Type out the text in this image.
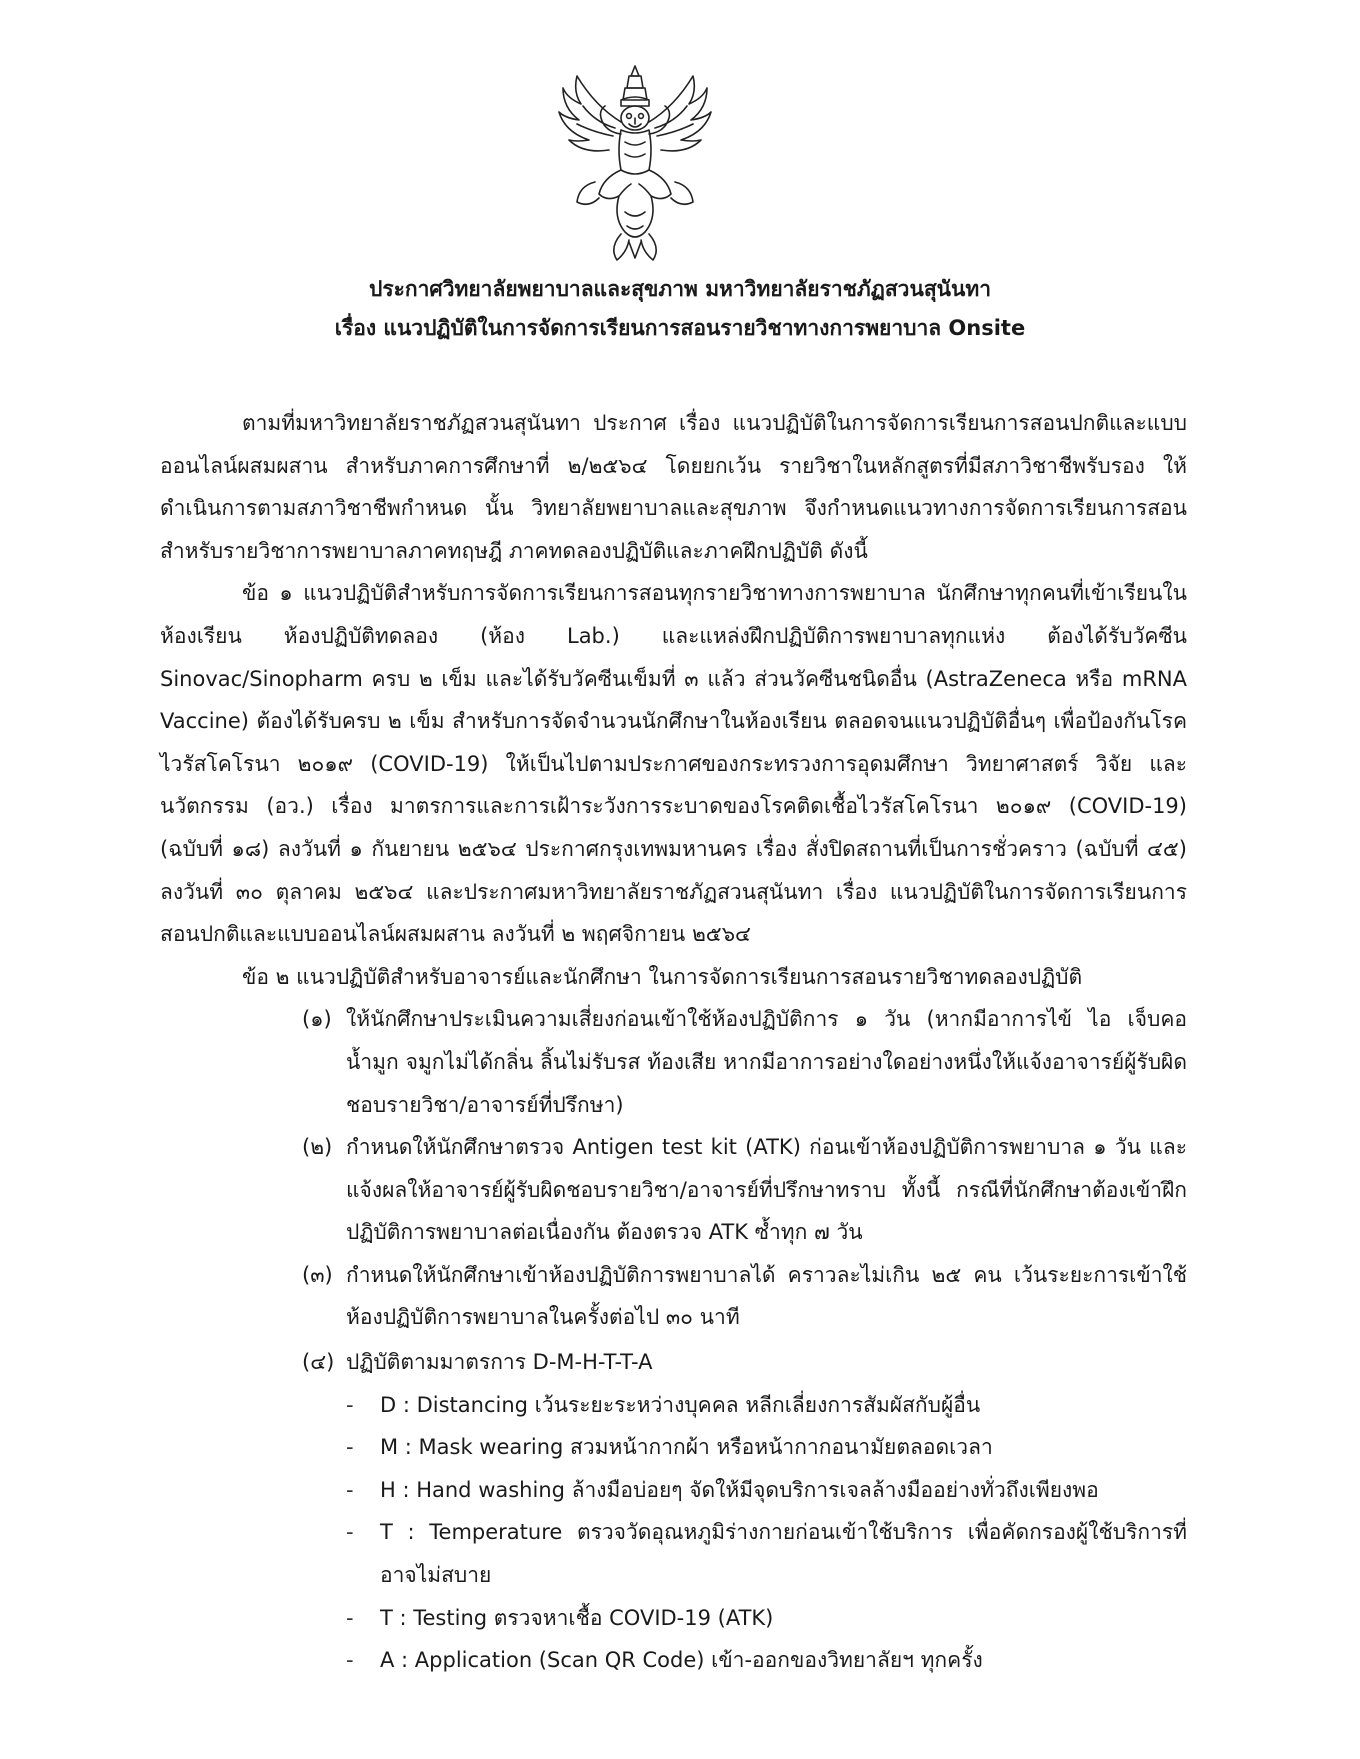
ประกาศวิทยาลัยพยาบาลและสุขภาพ มหาวิทยาลัยราชภัฏสวนสุนันทา
เรื่อง แนวปฏิบัติในการจัดการเรียนการสอนรายวิชาทางการพยาบาล Onsite

ตามที่มหาวิทยาลัยราชภัฏสวนสุนันทา ประกาศ เรื่อง แนวปฏิบัติในการจัดการเรียนการสอนปกติและแบบออนไลน์ผสมผสาน สำหรับภาคการศึกษาที่ ๒/๒๕๖๔ โดยยกเว้น รายวิชาในหลักสูตรที่มีสภาวิชาชีพรับรอง ให้ดำเนินการตามสภาวิชาชีพกำหนด นั้น วิทยาลัยพยาบาลและสุขภาพ จึงกำหนดแนวทางการจัดการเรียนการสอนสำหรับรายวิชาการพยาบาลภาคทฤษฎี ภาคทดลองปฏิบัติและภาคฝึกปฏิบัติ ดังนี้

ข้อ ๑ แนวปฏิบัติสำหรับการจัดการเรียนการสอนทุกรายวิชาทางการพยาบาล นักศึกษาทุกคนที่เข้าเรียนในห้องเรียน ห้องปฏิบัติทดลอง (ห้อง Lab.) และแหล่งฝึกปฏิบัติการพยาบาลทุกแห่ง ต้องได้รับวัคซีน Sinovac/Sinopharm ครบ ๒ เข็ม และได้รับวัคซีนเข็มที่ ๓ แล้ว ส่วนวัคซีนชนิดอื่น (AstraZeneca หรือ mRNA Vaccine) ต้องได้รับครบ ๒ เข็ม สำหรับการจัดจำนวนนักศึกษาในห้องเรียน ตลอดจนแนวปฏิบัติอื่นๆ เพื่อป้องกันโรคไวรัสโคโรนา ๒๐๑๙ (COVID-19) ให้เป็นไปตามประกาศของกระทรวงการอุดมศึกษา วิทยาศาสตร์ วิจัย และนวัตกรรม (อว.) เรื่อง มาตรการและการเฝ้าระวังการระบาดของโรคติดเชื้อไวรัสโคโรนา ๒๐๑๙ (COVID-19) (ฉบับที่ ๑๘) ลงวันที่ ๑ กันยายน ๒๕๖๔ ประกาศกรุงเทพมหานคร เรื่อง สั่งปิดสถานที่เป็นการชั่วคราว (ฉบับที่ ๔๕) ลงวันที่ ๓๐ ตุลาคม ๒๕๖๔ และประกาศมหาวิทยาลัยราชภัฏสวนสุนันทา เรื่อง แนวปฏิบัติในการจัดการเรียนการสอนปกติและแบบออนไลน์ผสมผสาน ลงวันที่ ๒ พฤศจิกายน ๒๕๖๔

ข้อ ๒ แนวปฏิบัติสำหรับอาจารย์และนักศึกษา ในการจัดการเรียนการสอนรายวิชาทดลองปฏิบัติ

(๑) ให้นักศึกษาประเมินความเสี่ยงก่อนเข้าใช้ห้องปฏิบัติการ ๑ วัน (หากมีอาการไข้ ไอ เจ็บคอ น้ำมูก จมูกไม่ได้กลิ่น ลิ้นไม่รับรส ท้องเสีย หากมีอาการอย่างใดอย่างหนึ่งให้แจ้งอาจารย์ผู้รับผิดชอบรายวิชา/อาจารย์ที่ปรึกษา)
(๒) กำหนดให้นักศึกษาตรวจ Antigen test kit (ATK) ก่อนเข้าห้องปฏิบัติการพยาบาล ๑ วัน และแจ้งผลให้อาจารย์ผู้รับผิดชอบรายวิชา/อาจารย์ที่ปรึกษาทราบ ทั้งนี้ กรณีที่นักศึกษาต้องเข้าฝึกปฏิบัติการพยาบาลต่อเนื่องกัน ต้องตรวจ ATK ซ้ำทุก ๗ วัน
(๓) กำหนดให้นักศึกษาเข้าห้องปฏิบัติการพยาบาลได้ คราวละไม่เกิน ๒๕ คน เว้นระยะการเข้าใช้ห้องปฏิบัติการพยาบาลในครั้งต่อไป ๓๐ นาที
(๔) ปฏิบัติตามมาตรการ D-M-H-T-T-A
- D : Distancing เว้นระยะระหว่างบุคคล หลีกเลี่ยงการสัมผัสกับผู้อื่น
- M : Mask wearing สวมหน้ากากผ้า หรือหน้ากากอนามัยตลอดเวลา
- H : Hand washing ล้างมือบ่อยๆ จัดให้มีจุดบริการเจลล้างมืออย่างทั่วถึงเพียงพอ
- T : Temperature ตรวจวัดอุณหภูมิร่างกายก่อนเข้าใช้บริการ เพื่อคัดกรองผู้ใช้บริการที่อาจไม่สบาย
- T : Testing ตรวจหาเชื้อ COVID-19 (ATK)
- A : Application (Scan QR Code) เข้า-ออกของวิทยาลัยฯ ทุกครั้ง
